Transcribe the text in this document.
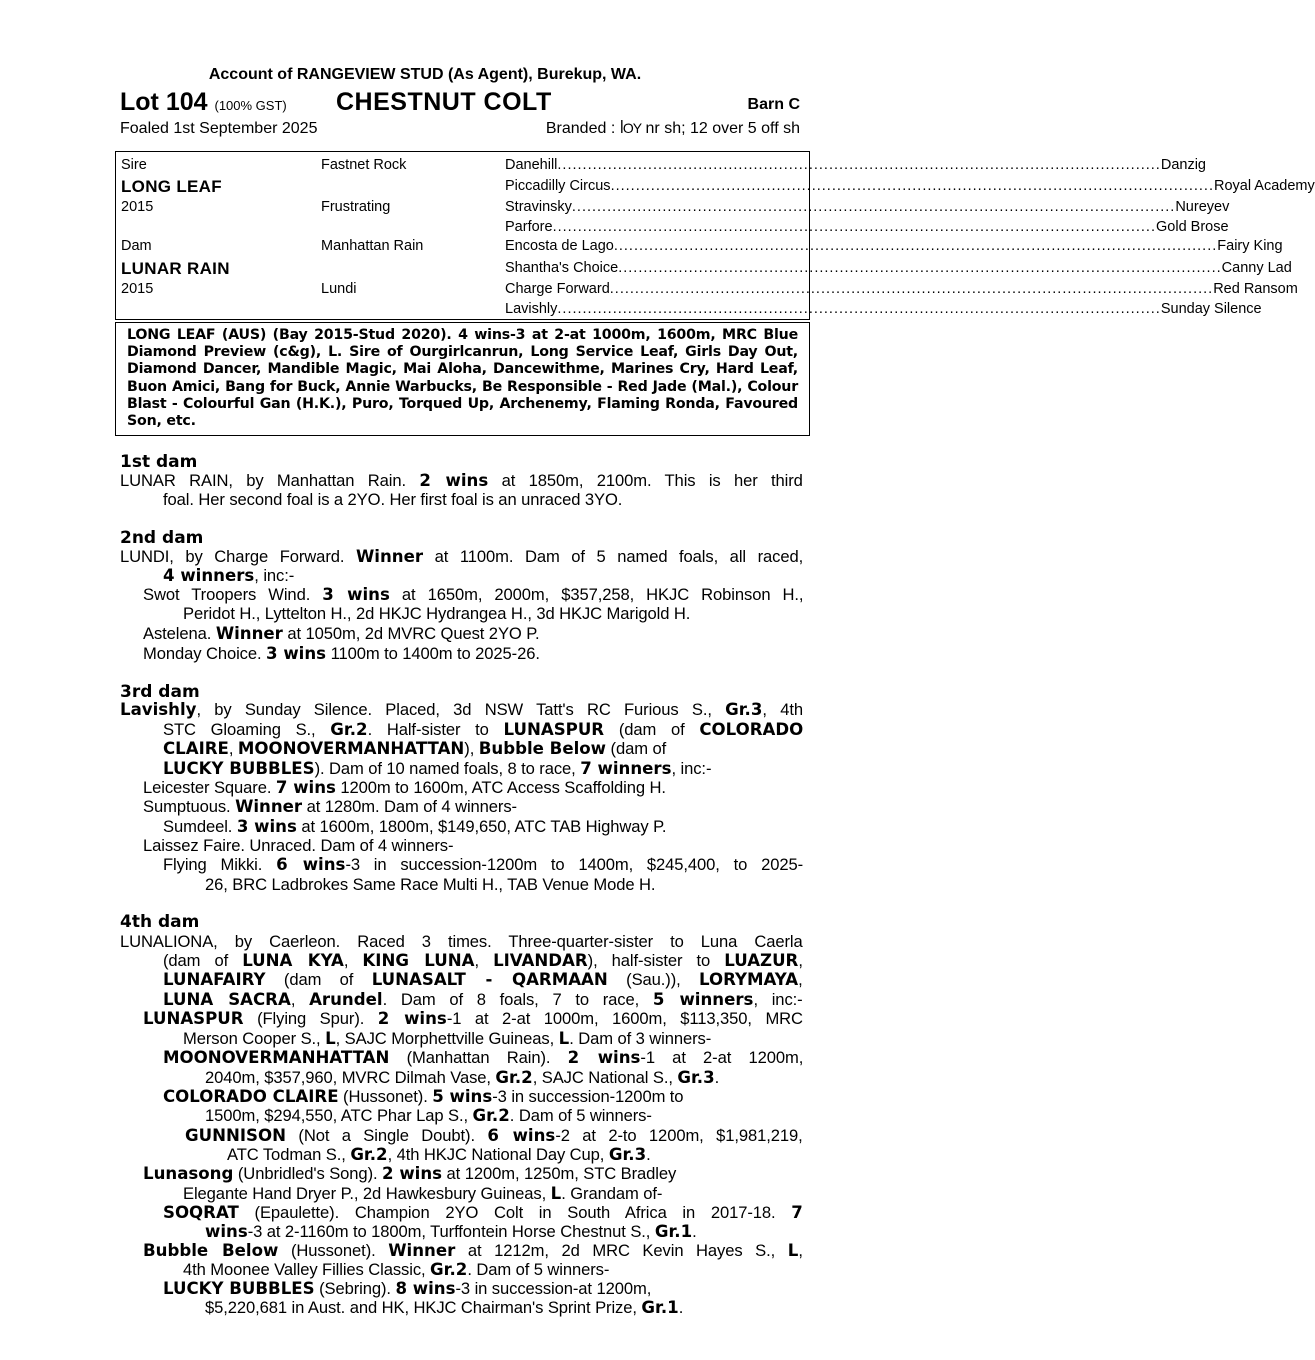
Account of RANGEVIEW STUD (As Agent), Burekup, WA.
Lot 104 (100% GST) CHESTNUT COLT	Barn C
Foaled 1st September 2025	Branded : ꟾOY nr sh; 12 over 5 off sh
Sire
LONG LEAF
2015
Fastnet Rock
Frustrating
Dam
LUNAR RAIN
2015
Manhattan Rain
Lundi
Danehill ........................................................................................................................ Danzig
Piccadilly Circus ........................................................................................................................ Royal Academy
Stravinsky ........................................................................................................................ Nureyev
Parfore ........................................................................................................................ Gold Brose
Encosta de Lago ........................................................................................................................ Fairy King
Shantha's Choice ........................................................................................................................ Canny Lad
Charge Forward ........................................................................................................................ Red Ransom
Lavishly ........................................................................................................................ Sunday Silence
LONG LEAF (AUS) (Bay 2015-Stud 2020). 4 wins-3 at 2-at 1000m, 1600m, MRC Blue Diamond Preview (c&g), L. Sire of Ourgirlcanrun, Long Service Leaf, Girls Day Out, Diamond Dancer, Mandible Magic, Mai Aloha, Dancewithme, Marines Cry, Hard Leaf, Buon Amici, Bang for Buck, Annie Warbucks, Be Responsible - Red Jade (Mal.), Colour Blast - Colourful Gan (H.K.), Puro, Torqued Up, Archenemy, Flaming Ronda, Favoured Son, etc.
1st dam
LUNAR RAIN, by Manhattan Rain. 2 wins at 1850m, 2100m. This is her third
foal. Her second foal is a 2YO. Her first foal is an unraced 3YO.
2nd dam
LUNDI, by Charge Forward. Winner at 1100m. Dam of 5 named foals, all raced,
4 winners, inc:-
Swot Troopers Wind. 3 wins at 1650m, 2000m, $357,258, HKJC Robinson H.,
Peridot H., Lyttelton H., 2d HKJC Hydrangea H., 3d HKJC Marigold H.
Astelena. Winner at 1050m, 2d MVRC Quest 2YO P.
Monday Choice. 3 wins 1100m to 1400m to 2025-26.
3rd dam
Lavishly, by Sunday Silence. Placed, 3d NSW Tatt's RC Furious S., Gr.3, 4th
STC Gloaming S., Gr.2. Half-sister to LUNASPUR (dam of COLORADO
CLAIRE, MOONOVERMANHATTAN), Bubble Below (dam of
LUCKY BUBBLES). Dam of 10 named foals, 8 to race, 7 winners, inc:-
Leicester Square. 7 wins 1200m to 1600m, ATC Access Scaffolding H.
Sumptuous. Winner at 1280m. Dam of 4 winners-
Sumdeel. 3 wins at 1600m, 1800m, $149,650, ATC TAB Highway P.
Laissez Faire. Unraced. Dam of 4 winners-
Flying Mikki. 6 wins-3 in succession-1200m to 1400m, $245,400, to 2025-
26, BRC Ladbrokes Same Race Multi H., TAB Venue Mode H.
4th dam
LUNALIONA, by Caerleon. Raced 3 times. Three-quarter-sister to Luna Caerla
(dam of LUNA KYA, KING LUNA, LIVANDAR), half-sister to LUAZUR,
LUNAFAIRY (dam of LUNASALT - QARMAAN (Sau.)), LORYMAYA,
LUNA SACRA, Arundel. Dam of 8 foals, 7 to race, 5 winners, inc:-
LUNASPUR (Flying Spur). 2 wins-1 at 2-at 1000m, 1600m, $113,350, MRC
Merson Cooper S., L, SAJC Morphettville Guineas, L. Dam of 3 winners-
MOONOVERMANHATTAN (Manhattan Rain). 2 wins-1 at 2-at 1200m,
2040m, $357,960, MVRC Dilmah Vase, Gr.2, SAJC National S., Gr.3.
COLORADO CLAIRE (Hussonet). 5 wins-3 in succession-1200m to
1500m, $294,550, ATC Phar Lap S., Gr.2. Dam of 5 winners-
GUNNISON (Not a Single Doubt). 6 wins-2 at 2-to 1200m, $1,981,219,
ATC Todman S., Gr.2, 4th HKJC National Day Cup, Gr.3.
Lunasong (Unbridled's Song). 2 wins at 1200m, 1250m, STC Bradley
Elegante Hand Dryer P., 2d Hawkesbury Guineas, L. Grandam of-
SOQRAT (Epaulette). Champion 2YO Colt in South Africa in 2017-18. 7
wins-3 at 2-1160m to 1800m, Turffontein Horse Chestnut S., Gr.1.
Bubble Below (Hussonet). Winner at 1212m, 2d MRC Kevin Hayes S., L,
4th Moonee Valley Fillies Classic, Gr.2. Dam of 5 winners-
LUCKY BUBBLES (Sebring). 8 wins-3 in succession-at 1200m,
$5,220,681 in Aust. and HK, HKJC Chairman's Sprint Prize, Gr.1.
